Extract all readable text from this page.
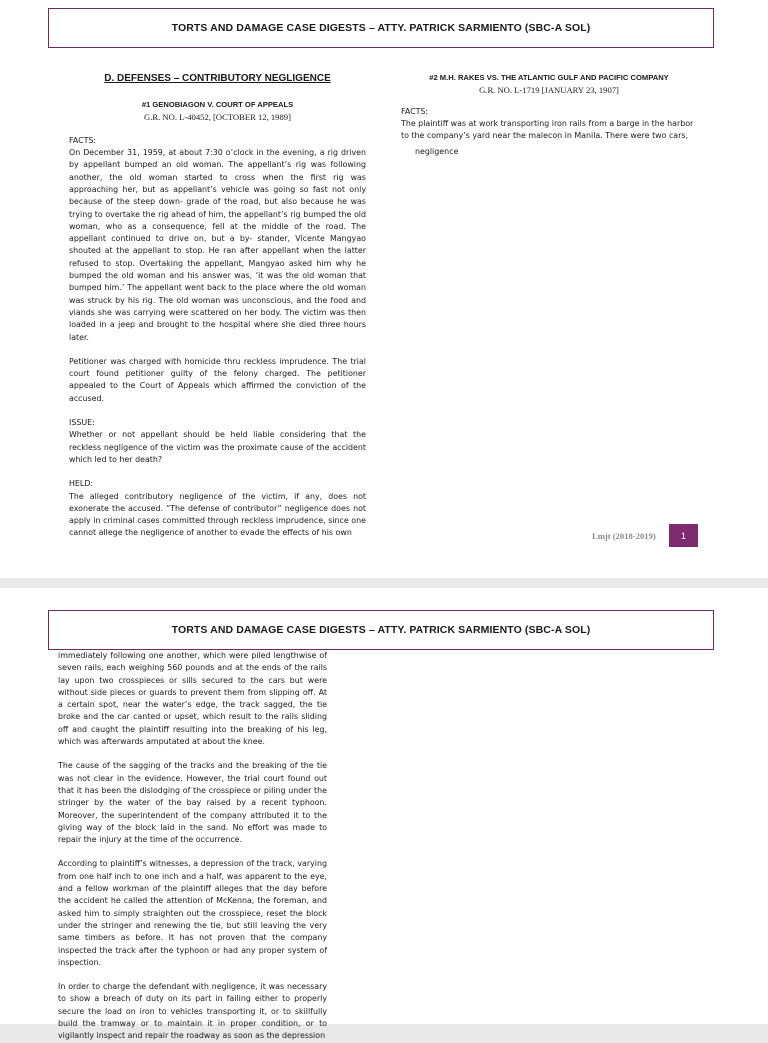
TORTS AND DAMAGE CASE DIGESTS – ATTY. PATRICK SARMIENTO (SBC-A SOL)
D. DEFENSES – CONTRIBUTORY NEGLIGENCE
#1 GENOBIAGON V. COURT OF APPEALS
G.R. NO. L-40452, [OCTOBER 12, 1989]
FACTS:

On December 31, 1959, at about 7:30 o’clock in the evening, a rig driven by appellant bumped an old woman. The appellant’s rig was following another, the old woman started to cross when the first rig was approaching her, but as appellant’s vehicle was going so fast not only because of the steep down- grade of the road, but also because he was trying to overtake the rig ahead of him, the appellant’s rig bumped the old woman, who as a consequence, fell at the middle of the road. The appellant continued to drive on, but a by- stander, Vicente Mangyao shouted at the appellant to stop. He ran after appellant when the latter refused to stop. Overtaking the appellant, Mangyao asked him why he bumped the old woman and his answer was, ‘it was the old woman that bumped him.’ The appellant went back to the place where the old woman was struck by his rig. The old woman was unconscious, and the food and viands she was carrying were scattered on her body. The victim was then loaded in a jeep and brought to the hospital where she died three hours later.

Petitioner was charged with homicide thru reckless imprudence. The trial court found petitioner guilty of the felony charged. The petitioner appealed to the Court of Appeals which affirmed the conviction of the accused.

ISSUE:

Whether or not appellant should be held liable considering that the reckless negligence of the victim was the proximate cause of the accident which led to her death?

HELD:

The alleged contributory negligence of the victim, if any, does not exonerate the accused. “The defense of contributor” negligence does not apply in criminal cases committed through reckless imprudence, since one cannot allege the negligence of another to evade the effects of his own

#2 M.H. RAKES VS. THE ATLANTIC GULF AND PACIFIC COMPANY
G.R. NO. L-1719 [JANUARY 23, 1907]
FACTS:

The plaintiff was at work transporting iron rails from a barge in the harbor to the company’s yard near the malecon in Manila. There were two cars,

negligence
Lmjt (2018-2019)	1
TORTS AND DAMAGE CASE DIGESTS – ATTY. PATRICK SARMIENTO (SBC-A SOL)

immediately following one another, which were piled lengthwise of seven rails, each weighing 560 pounds and at the ends of the rails lay upon two crosspieces or sills secured to the cars but were without side pieces or guards to prevent them from slipping off. At a certain spot, near the water’s edge, the track sagged, the tie broke and the car canted or upset, which result to the rails sliding off and caught the plaintiff resulting into the breaking of his leg, which was afterwards amputated at about the knee.

The cause of the sagging of the tracks and the breaking of the tie was not clear in the evidence. However, the trial court found out that it has been the dislodging of the crosspiece or piling under the stringer by the water of the bay raised by a recent typhoon. Moreover, the superintendent of the company attributed it to the giving way of the block laid in the sand. No effort was made to repair the injury at the time of the occurrence.

According to plaintiff’s witnesses, a depression of the track, varying from one half inch to one inch and a half, was apparent to the eye, and a fellow workman of the plaintiff alleges that the day before the accident he called the attention of McKenna, the foreman, and asked him to simply straighten out the crosspiece, reset the block under the stringer and renewing the tie, but still leaving the very same timbers as before. It has not proven that the company inspected the track after the typhoon or had any proper system of inspection.

In order to charge the defendant with negligence, it was necessary to show a breach of duty on its part in failing either to properly secure the load on iron to vehicles transporting it, or to skillfully build the tramway or to maintain it in proper condition, or to vigilantly inspect and repair the roadway as soon as the depression
